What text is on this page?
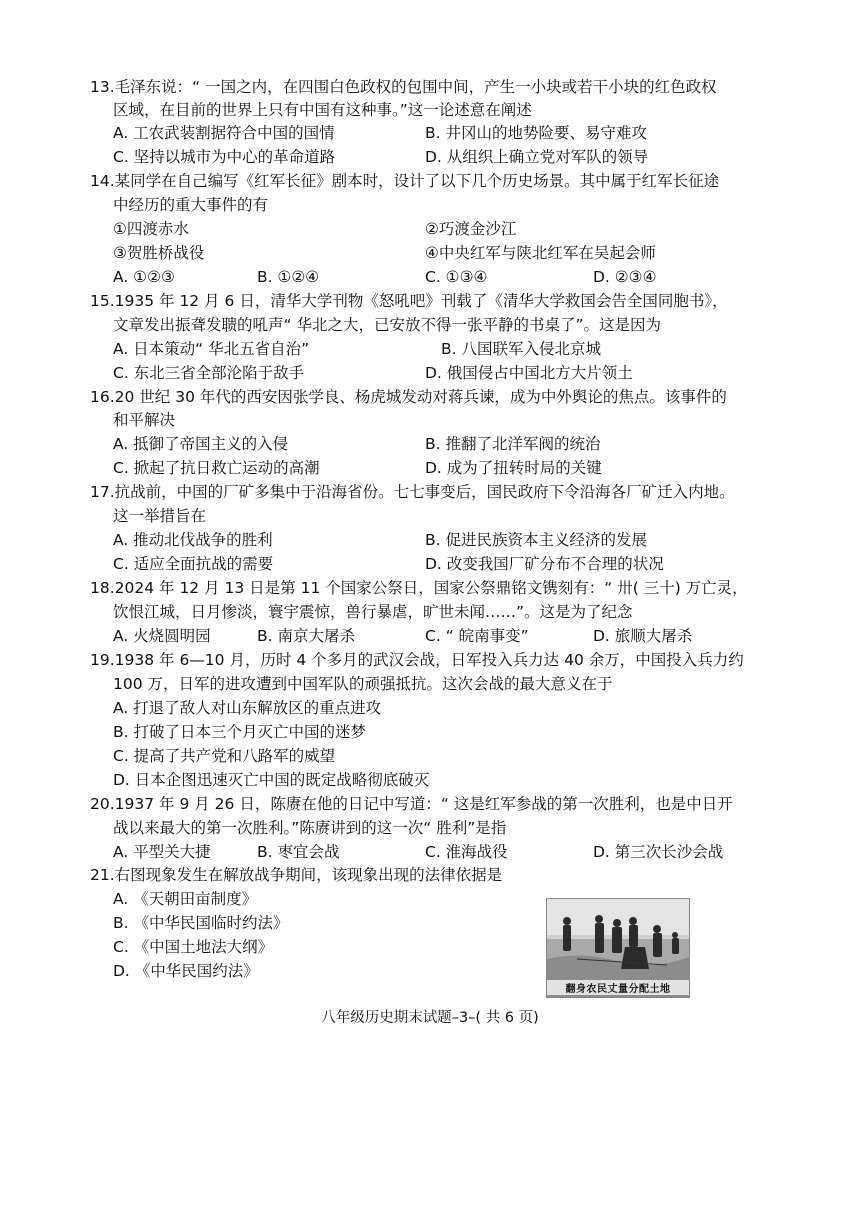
13.毛泽东说：“ 一国之内，在四围白色政权的包围中间，产生一小块或若干小块的红色政权
区域，在目前的世界上只有中国有这种事。”这一论述意在阐述
A. 工农武装割据符合中国的国情	B. 井冈山的地势险要、易守难攻
C. 坚持以城市为中心的革命道路	D. 从组织上确立党对军队的领导
14.某同学在自己编写《红军长征》剧本时，设计了以下几个历史场景。其中属于红军长征途
中经历的重大事件的有
①四渡赤水	②巧渡金沙江
③贺胜桥战役	④中央红军与陕北红军在吴起会师
A. ①②③	B. ①②④	C. ①③④	D. ②③④
15.1935 年 12 月 6 日，清华大学刊物《怒吼吧》刊载了《清华大学救国会告全国同胞书》，
文章发出振聋发聩的吼声“ 华北之大，已安放不得一张平静的书桌了”。这是因为
A. 日本策动“ 华北五省自治”	B. 八国联军入侵北京城
C. 东北三省全部沦陷于敌手	D. 俄国侵占中国北方大片领土
16.20 世纪 30 年代的西安因张学良、杨虎城发动对蒋兵谏，成为中外舆论的焦点。该事件的
和平解决
A. 抵御了帝国主义的入侵	B. 推翻了北洋军阀的统治
C. 掀起了抗日救亡运动的高潮	D. 成为了扭转时局的关键
17.抗战前，中国的厂矿多集中于沿海省份。七七事变后，国民政府下令沿海各厂矿迁入内地。
这一举措旨在
A. 推动北伐战争的胜利	B. 促进民族资本主义经济的发展
C. 适应全面抗战的需要	D. 改变我国厂矿分布不合理的状况
18.2024 年 12 月 13 日是第 11 个国家公祭日，国家公祭鼎铭文镌刻有：“ 卅( 三十) 万亡灵，
饮恨江城，日月惨淡，寰宇震惊，兽行暴虐，旷世未闻……”。这是为了纪念
A. 火烧圆明园	B. 南京大屠杀	C. “ 皖南事变”	D. 旅顺大屠杀
19.1938 年 6—10 月，历时 4 个多月的武汉会战，日军投入兵力达 40 余万，中国投入兵力约
100 万，日军的进攻遭到中国军队的顽强抵抗。这次会战的最大意义在于
A. 打退了敌人对山东解放区的重点进攻
B. 打破了日本三个月灭亡中国的迷梦
C. 提高了共产党和八路军的威望
D. 日本企图迅速灭亡中国的既定战略彻底破灭
20.1937 年 9 月 26 日，陈赓在他的日记中写道：“ 这是红军参战的第一次胜利，也是中日开
战以来最大的第一次胜利。”陈赓讲到的这一次“ 胜利”是指
A. 平型关大捷	B. 枣宜会战	C. 淮海战役	D. 第三次长沙会战
21.右图现象发生在解放战争期间，该现象出现的法律依据是
A. 《天朝田亩制度》
B. 《中华民国临时约法》
C. 《中国土地法大纲》
D. 《中华民国约法》
翻身农民丈量分配土地
八年级历史期末试题–3–( 共 6 页)
